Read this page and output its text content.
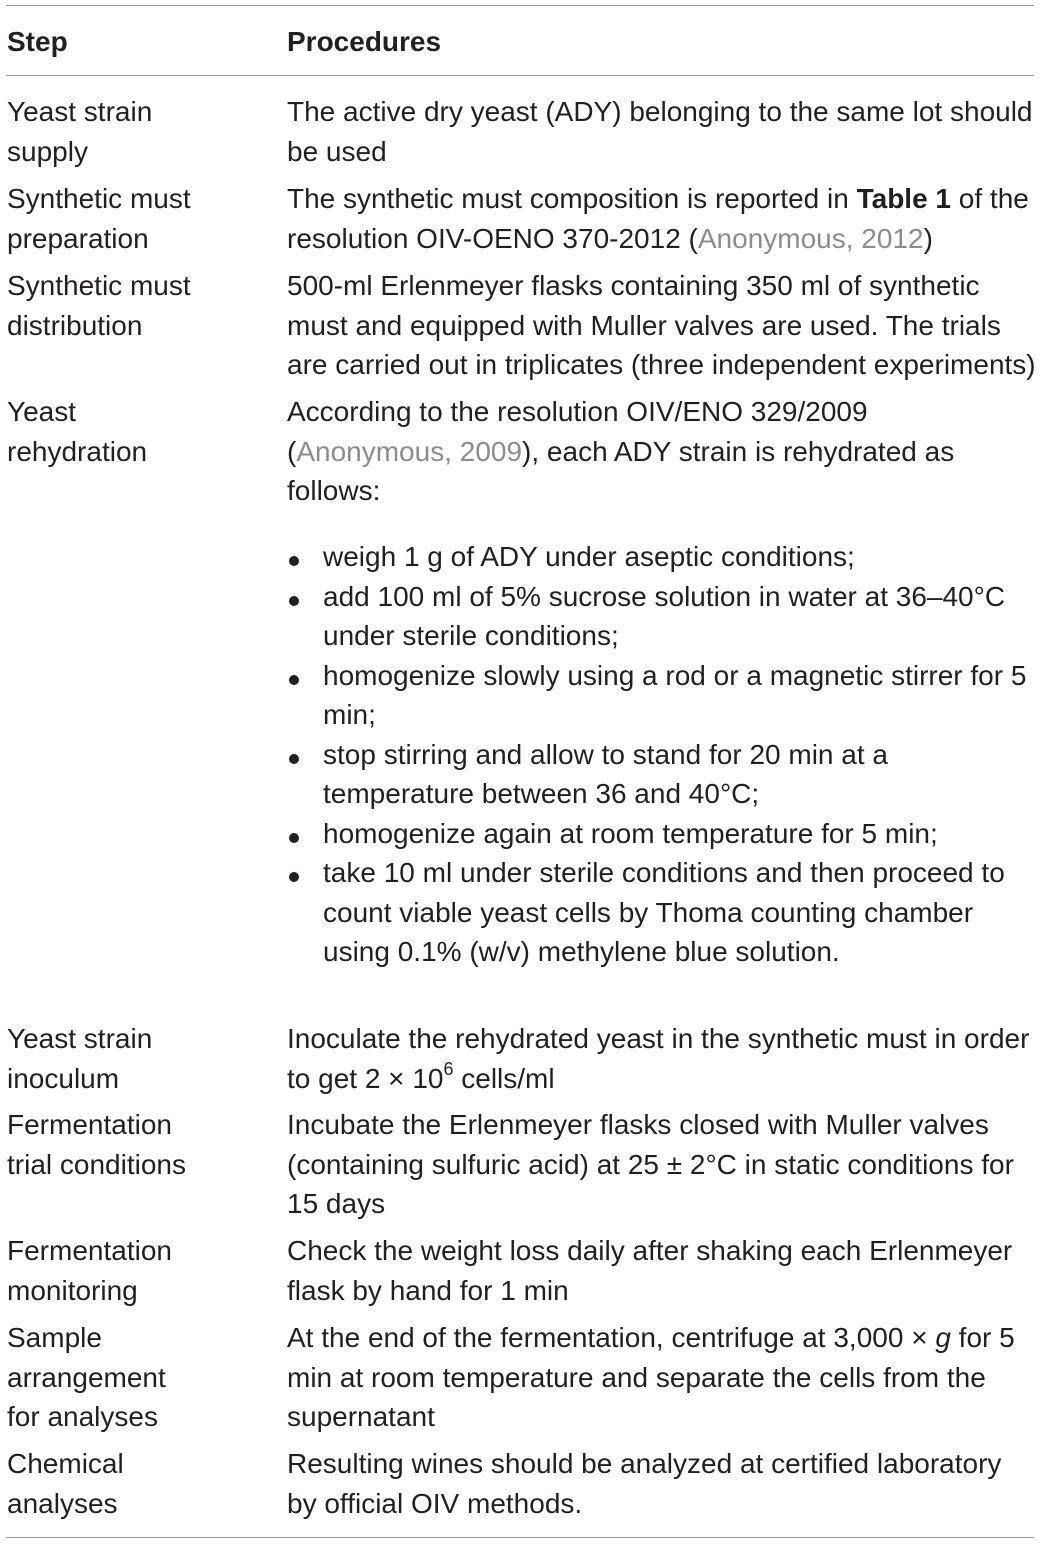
Step	Procedures
Yeast strain supply
The active dry yeast (ADY) belonging to the same lot should be used
Synthetic must preparation
The synthetic must composition is reported in Table 1 of the resolution OIV-OENO 370-2012 (Anonymous, 2012)
Synthetic must distribution
500-ml Erlenmeyer flasks containing 350 ml of synthetic must and equipped with Muller valves are used. The trials are carried out in triplicates (three independent experiments)
Yeast rehydration
According to the resolution OIV/ENO 329/2009 (Anonymous, 2009), each ADY strain is rehydrated as follows:
weigh 1 g of ADY under aseptic conditions;
add 100 ml of 5% sucrose solution in water at 36–40°C under sterile conditions;
homogenize slowly using a rod or a magnetic stirrer for 5 min;
stop stirring and allow to stand for 20 min at a temperature between 36 and 40°C;
homogenize again at room temperature for 5 min;
take 10 ml under sterile conditions and then proceed to count viable yeast cells by Thoma counting chamber using 0.1% (w/v) methylene blue solution.
Yeast strain inoculum
Inoculate the rehydrated yeast in the synthetic must in order to get $2 \times 10^6$ cells/ml
Fermentation trial conditions
Incubate the Erlenmeyer flasks closed with Muller valves (containing sulfuric acid) at 25 ± 2°C in static conditions for 15 days
Fermentation monitoring
Check the weight loss daily after shaking each Erlenmeyer flask by hand for 1 min
Sample arrangement for analyses
At the end of the fermentation, centrifuge at 3,000 × g for 5 min at room temperature and separate the cells from the supernatant
Chemical analyses
Resulting wines should be analyzed at certified laboratory by official OIV methods.
